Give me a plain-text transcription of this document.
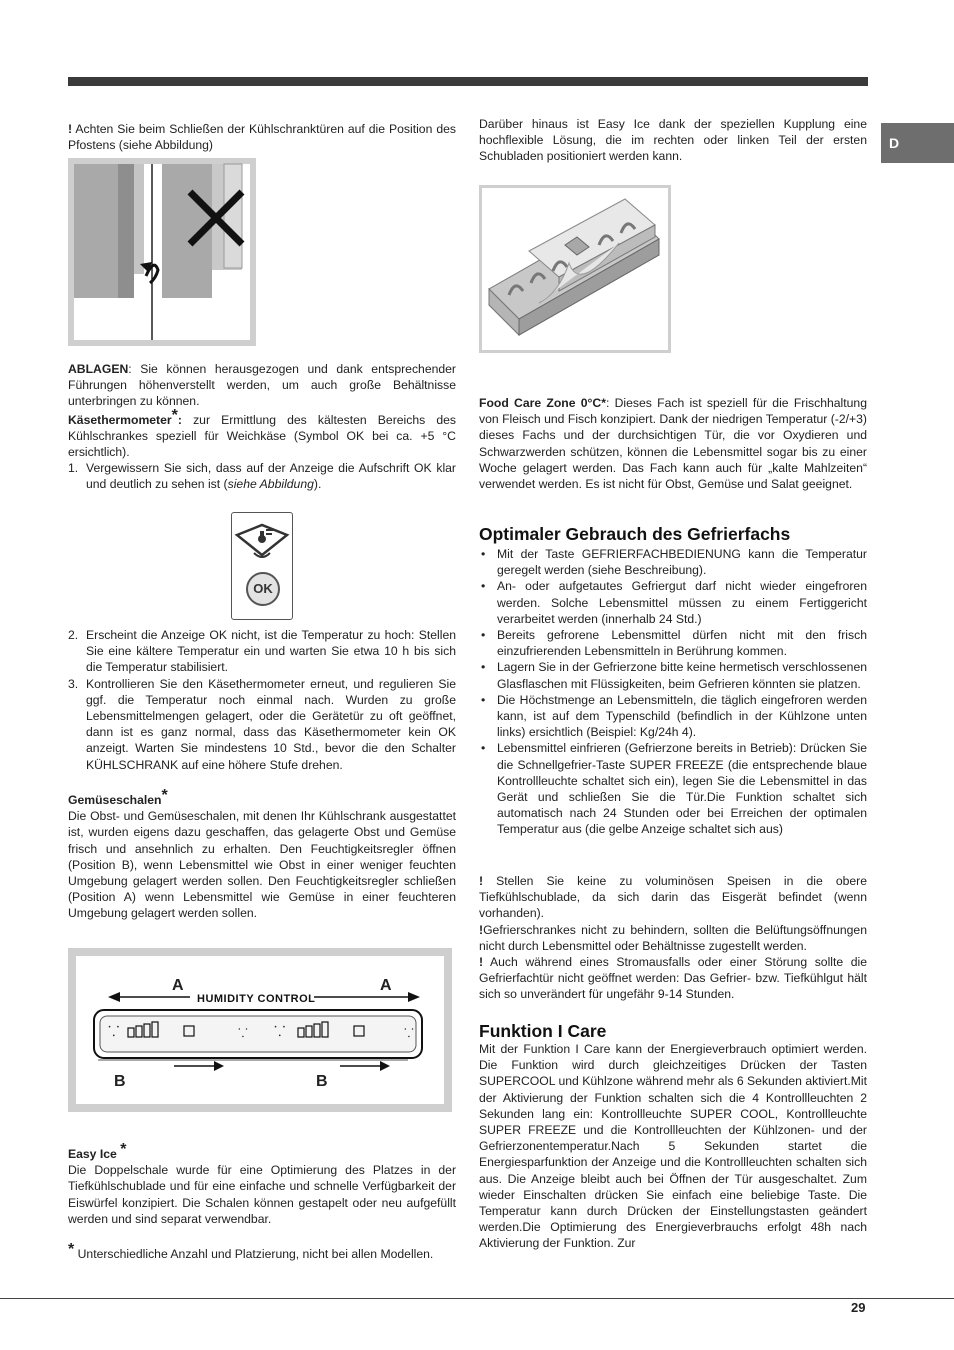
D

! Achten Sie beim Schließen der Kühlschranktüren auf die Position des Pfostens (siehe Abbildung)

ABLAGEN: Sie können herausgezogen und dank entsprechender Führungen höhenverstellt werden, um auch große Behältnisse unterbringen zu können.

Käsethermometer*: zur Ermittlung des kältesten Bereichs des Kühlschrankes speziell für Weichkäse (Symbol OK bei ca. +5 °C ersichtlich).

1. Vergewissern Sie sich, dass auf der Anzeige die Aufschrift OK klar und deutlich zu sehen ist (siehe Abbildung).
OK
2. Erscheint die Anzeige OK nicht, ist die Temperatur zu hoch: Stellen Sie eine kältere Temperatur ein und warten Sie etwa 10 h bis sich die Temperatur stabilisiert.
3. Kontrollieren Sie den Käsethermometer erneut, und regulieren Sie ggf. die Temperatur noch einmal nach. Wurden zu große Lebensmittelmengen gelagert, oder die Gerätetür zu oft geöffnet, dann ist es ganz normal, dass das Käsethermometer kein OK anzeigt. Warten Sie mindestens 10 Std., bevor die den Schalter KÜHLSCHRANK auf eine höhere Stufe drehen.

Gemüseschalen*

Die Obst- und Gemüseschalen, mit denen Ihr Kühlschrank ausgestattet ist, wurden eigens dazu geschaffen, das gelagerte Obst und Gemüse frisch und ansehnlich zu erhalten. Den Feuchtigkeitsregler öffnen (Position B), wenn Lebensmittel wie Obst in einer weniger feuchten Umgebung gelagert werden sollen. Den Feuchtigkeitsregler schließen (Position A) wenn Lebensmittel wie Gemüse in einer feuchteren Umgebung gelagert werden sollen.

HUMIDITY CONTROL
A	A
B	B
⸪	⸪ ⸪	⸪

Easy Ice *

Die Doppelschale wurde für eine Optimierung des Platzes in der Tiefkühlschublade und für eine einfache und schnelle Verfügbarkeit der Eiswürfel konzipiert. Die Schalen können gestapelt oder neu aufgefüllt werden und sind separat verwendbar.

* Unterschiedliche Anzahl und Platzierung, nicht bei allen Modellen.

Darüber hinaus ist Easy Ice dank der speziellen Kupplung eine hochflexible Lösung, die im rechten oder linken Teil der ersten Schubladen positioniert werden kann.

Food Care Zone 0°C*: Dieses Fach ist speziell für die Frischhaltung von Fleisch und Fisch konzipiert. Dank der niedrigen Temperatur (-2/+3) dieses Fachs und der durchsichtigen Tür, die vor Oxydieren und Schwarzwerden schützen, können die Lebensmittel sogar bis zu einer Woche gelagert werden. Das Fach kann auch für „kalte Mahlzeiten“ verwendet werden. Es ist nicht für Obst, Gemüse und Salat geeignet.

Optimaler Gebrauch des Gefrierfachs

• Mit der Taste GEFRIERFACHBEDIENUNG kann die Temperatur geregelt werden (siehe Beschreibung).
• An- oder aufgetautes Gefriergut darf nicht wieder eingefroren werden. Solche Lebensmittel müssen zu einem Fertiggericht verarbeitet werden (innerhalb 24 Std.)
• Bereits gefrorene Lebensmittel dürfen nicht mit den frisch einzufrierenden Lebensmitteln in Berührung kommen.
• Lagern Sie in der Gefrierzone bitte keine hermetisch verschlossenen Glasflaschen mit Flüssigkeiten, beim Gefrieren könnten sie platzen.
• Die Höchstmenge an Lebensmitteln, die täglich eingefroren werden kann, ist auf dem Typenschild (befindlich in der Kühlzone unten links) ersichtlich (Beispiel: Kg/24h 4).
• Lebensmittel einfrieren (Gefrierzone bereits in Betrieb): Drücken Sie die Schnellgefrier-Taste SUPER FREEZE (die entsprechende blaue Kontrollleuchte schaltet sich ein), legen Sie die Lebensmittel in das Gerät und schließen Sie die Tür.Die Funktion schaltet sich automatisch nach 24 Stunden oder bei Erreichen der optimalen Temperatur aus (die gelbe Anzeige schaltet sich aus)

! Stellen Sie keine zu voluminösen Speisen in die obere Tiefkühlschublade, da sich darin das Eisgerät befindet (wenn vorhanden).

!Gefrierschrankes nicht zu behindern, sollten die Belüftungsöffnungen nicht durch Lebensmittel oder Behältnisse zugestellt werden.

! Auch während eines Stromausfalls oder einer Störung sollte die Gefrierfachtür nicht geöffnet werden: Das Gefrier- bzw. Tiefkühlgut hält sich so unverändert für ungefähr 9-14 Stunden.

Funktion I Care

Mit der Funktion I Care kann der Energieverbrauch optimiert werden. Die Funktion wird durch gleichzeitiges Drücken der Tasten SUPERCOOL und Kühlzone während mehr als 6 Sekunden aktiviert.Mit der Aktivierung der Funktion schalten sich die 4 Kontrollleuchten 2 Sekunden lang ein: Kontrollleuchte SUPER COOL, Kontrollleuchte SUPER FREEZE und die Kontrollleuchten der Kühlzonen- und der Gefrierzonentemperatur.Nach 5 Sekunden startet die Energiesparfunktion der Anzeige und die Kontrollleuchten schalten sich aus. Die Anzeige bleibt auch bei Öffnen der Tür ausgeschaltet. Zum wieder Einschalten drücken Sie einfach eine beliebige Taste. Die Temperatur kann durch Drücken der Einstellungstasten geändert werden.Die Optimierung des Energieverbrauchs erfolgt 48h nach Aktivierung der Funktion. Zur

29
